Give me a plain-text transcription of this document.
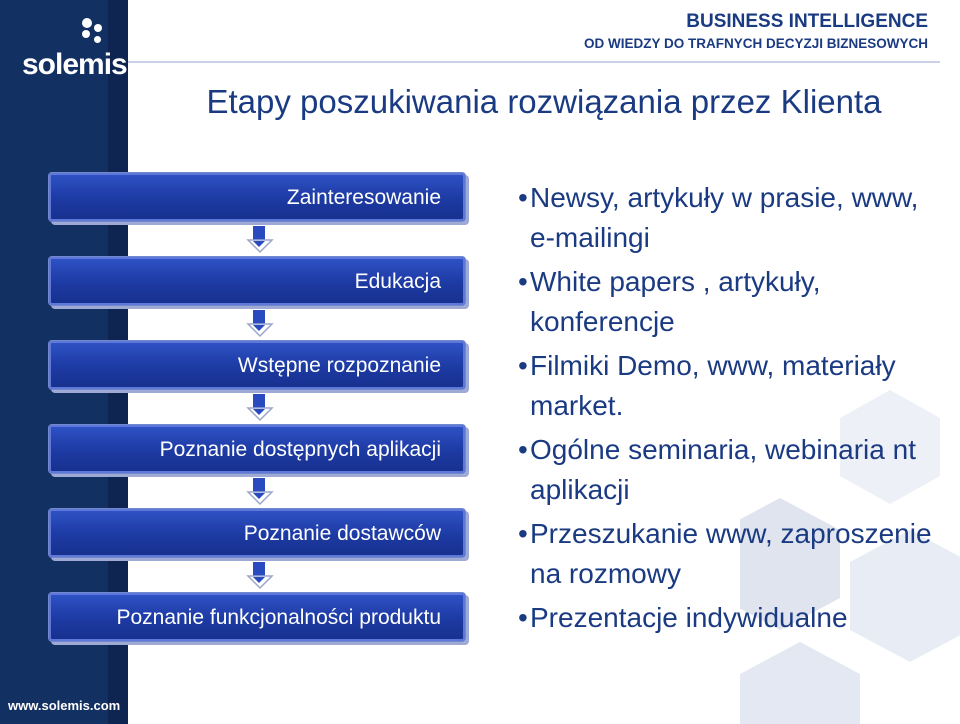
solemis
www.solemis.com
BUSINESS INTELLIGENCE
OD WIEDZY DO TRAFNYCH DECYZJI BIZNESOWYCH
Etapy poszukiwania rozwiązania przez Klienta
Zainteresowanie
Edukacja
Wstępne rozpoznanie
Poznanie dostępnych aplikacji
Poznanie dostawców
Poznanie funkcjonalności produktu
• Newsy, artykuły w prasie, www, e-mailingi
• White papers , artykuły, konferencje
• Filmiki Demo, www, materiały market.
• Ogólne seminaria, webinaria nt aplikacji
• Przeszukanie www, zaproszenie na rozmowy
• Prezentacje indywidualne
